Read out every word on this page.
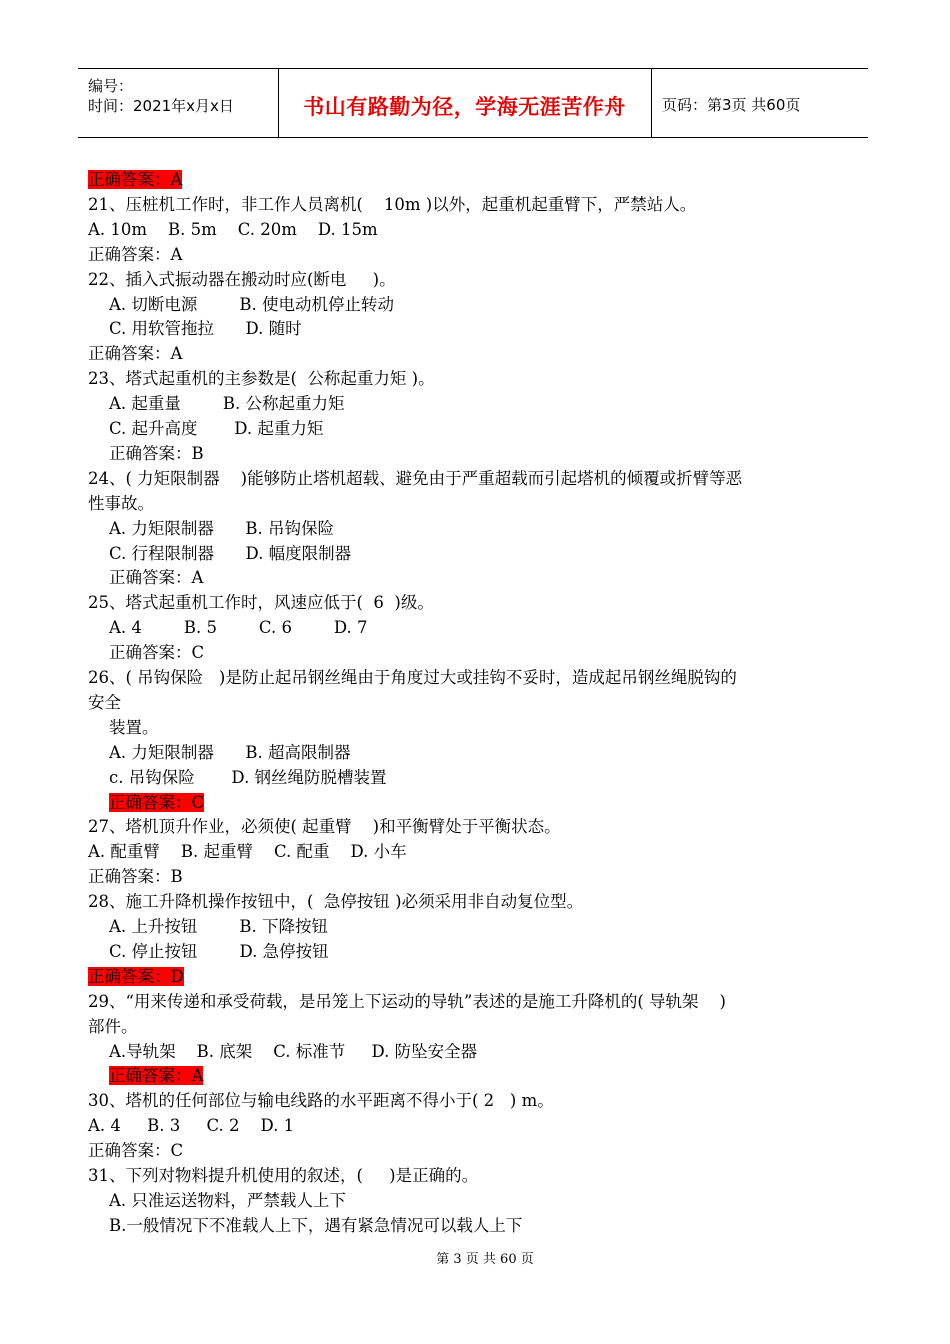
编号：
时间：2021年x月x日	书山有路勤为径，学海无涯苦作舟	页码：第3页 共60页
正确答案：A
21、压桩机工作时，非工作人员离机(    10m )以外，起重机起重臂下，严禁站人。
A. 10m    B. 5m    C. 20m    D. 15m
正确答案：A
22、插入式振动器在搬动时应(断电     )。
A. 切断电源        B. 使电动机停止转动
C. 用软管拖拉      D. 随时
正确答案：A
23、塔式起重机的主参数是(  公称起重力矩 )。
A. 起重量        B. 公称起重力矩
C. 起升高度       D. 起重力矩
正确答案：B
24、( 力矩限制器    )能够防止塔机超载、避免由于严重超载而引起塔机的倾覆或折臂等恶
性事故。
A. 力矩限制器      B. 吊钩保险
C. 行程限制器      D. 幅度限制器
正确答案：A
25、塔式起重机工作时，风速应低于(  6  )级。
A. 4        B. 5        C. 6        D. 7
正确答案：C
26、( 吊钩保险   )是防止起吊钢丝绳由于角度过大或挂钩不妥时，造成起吊钢丝绳脱钩的
安全
装置。
A. 力矩限制器      B. 超高限制器
c. 吊钩保险       D. 钢丝绳防脱槽装置
正确答案：C
27、塔机顶升作业，必须使( 起重臂    )和平衡臂处于平衡状态。
A. 配重臂    B. 起重臂    C. 配重    D. 小车
正确答案：B
28、施工升降机操作按钮中，(  急停按钮 )必须采用非自动复位型。
A. 上升按钮        B. 下降按钮
C. 停止按钮        D. 急停按钮
正确答案：D
29、“用来传递和承受荷载，是吊笼上下运动的导轨”表述的是施工升降机的( 导轨架    )
部件。
A.导轨架    B. 底架    C. 标准节     D. 防坠安全器
正确答案：A
30、塔机的任何部位与输电线路的水平距离不得小于( 2   ) m。
A. 4     B. 3     C. 2    D. 1
正确答案：C
31、下列对物料提升机使用的叙述，(     )是正确的。
A. 只准运送物料，严禁载人上下
B.一般情况下不准载人上下，遇有紧急情况可以载人上下
第 3 页 共 60 页
